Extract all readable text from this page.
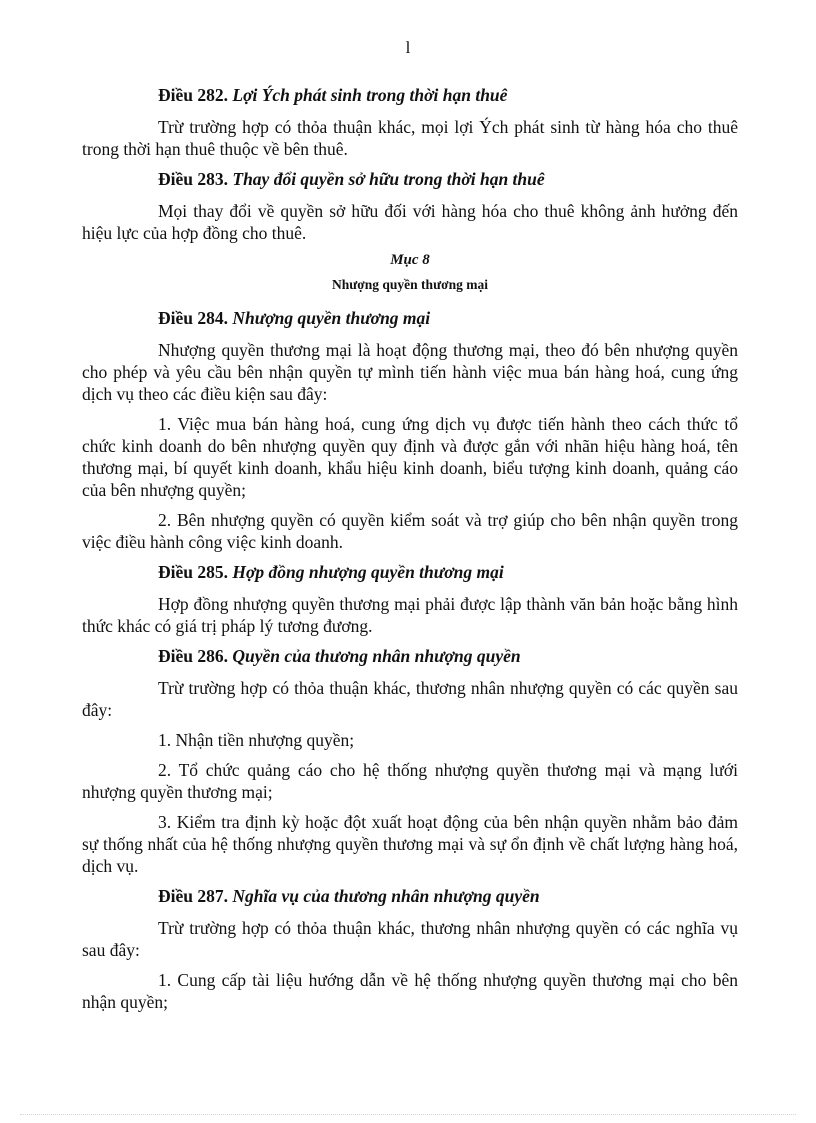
l
Điều 282. Lợi Ých phát sinh trong thời hạn thuê

Trừ trường hợp có thỏa thuận khác, mọi lợi Ých phát sinh từ hàng hóa cho thuê trong thời hạn thuê thuộc về bên thuê.

Điều 283. Thay đổi quyền sở hữu trong thời hạn thuê

Mọi thay đổi về quyền sở hữu đối với hàng hóa cho thuê không ảnh hưởng đến hiệu lực của hợp đồng cho thuê.

Mục 8
Nhượng quyền thương mại
Điều 284. Nhượng quyền thương mại

Nhượng quyền thương mại là hoạt động thương mại, theo đó bên nhượng quyền cho phép và yêu cầu bên nhận quyền tự mình tiến hành việc mua bán hàng hoá, cung ứng dịch vụ theo các điều kiện sau đây:

1. Việc mua bán hàng hoá, cung ứng dịch vụ được tiến hành theo cách thức tổ chức kinh doanh do bên nhượng quyền quy định và được gắn với nhãn hiệu hàng hoá, tên thương mại, bí quyết kinh doanh, khẩu hiệu kinh doanh, biểu tượng kinh doanh, quảng cáo của bên nhượng quyền;

2. Bên nhượng quyền có quyền kiểm soát và trợ giúp cho bên nhận quyền trong việc điều hành công việc kinh doanh.

Điều 285. Hợp đồng nhượng quyền thương mại

Hợp đồng nhượng quyền thương mại phải được lập thành văn bản hoặc bằng hình thức khác có giá trị pháp lý tương đương.

Điều 286. Quyền của thương nhân nhượng quyền

Trừ trường hợp có thỏa thuận khác, thương nhân nhượng quyền có các quyền sau đây:

1. Nhận tiền nhượng quyền;

2. Tổ chức quảng cáo cho hệ thống nhượng quyền thương mại và mạng lưới nhượng quyền thương mại;

3. Kiểm tra định kỳ hoặc đột xuất hoạt động của bên nhận quyền nhằm bảo đảm sự thống nhất của hệ thống nhượng quyền thương mại và sự ổn định về chất lượng hàng hoá, dịch vụ.

Điều 287. Nghĩa vụ của thương nhân nhượng quyền

Trừ trường hợp có thỏa thuận khác, thương nhân nhượng quyền có các nghĩa vụ sau đây:

1. Cung cấp tài liệu hướng dẫn về hệ thống nhượng quyền thương mại cho bên nhận quyền;
